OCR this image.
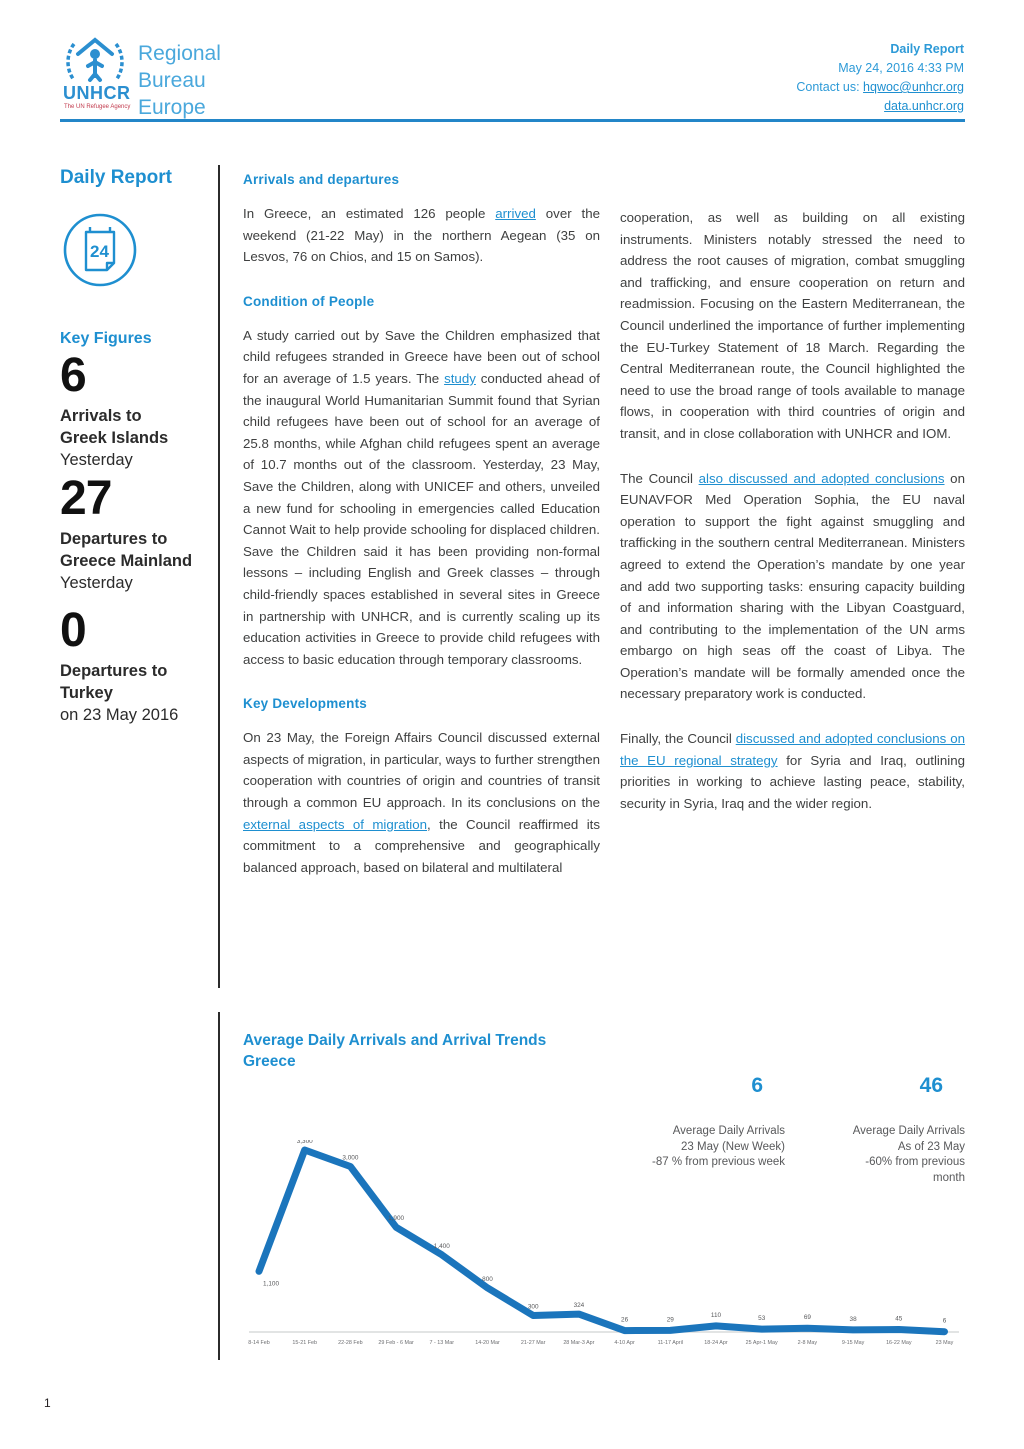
UNHCR
The UN Refugee Agency
Regional
Bureau
Europe
Daily Report
May 24, 2016 4:33 PM
Contact us: hqwoc@unhcr.org
data.unhcr.org
Daily Report
24
Key Figures
6
Arrivals to
Greek Islands
Yesterday
27
Departures to
Greece Mainland
Yesterday
0
Departures to
Turkey
on 23 May 2016
Arrivals and departures

In Greece, an estimated 126 people arrived over the weekend (21-22 May) in the northern Aegean (35 on Lesvos, 76 on Chios, and 15 on Samos).

Condition of People

A study carried out by Save the Children emphasized that child refugees stranded in Greece have been out of school for an average of 1.5 years. The study conducted ahead of the inaugural World Humanitarian Summit found that Syrian child refugees have been out of school for an average of 25.8 months, while Afghan child refugees spent an average of 10.7 months out of the classroom. Yesterday, 23 May, Save the Children, along with UNICEF and others, unveiled a new fund for schooling in emergencies called Education Cannot Wait to help provide schooling for displaced children. Save the Children said it has been providing non-formal lessons – including English and Greek classes – through child-friendly spaces established in several sites in Greece in partnership with UNHCR, and is currently scaling up its education activities in Greece to provide child refugees with access to basic education through temporary classrooms.

Key Developments

On 23 May, the Foreign Affairs Council discussed external aspects of migration, in particular, ways to further strengthen cooperation with countries of origin and countries of transit through a common EU approach. In its conclusions on the external aspects of migration, the Council reaffirmed its commitment to a comprehensive and geographically balanced approach, based on bilateral and multilateral

cooperation, as well as building on all existing instruments. Ministers notably stressed the need to address the root causes of migration, combat smuggling and trafficking, and ensure cooperation on return and readmission. Focusing on the Eastern Mediterranean, the Council underlined the importance of further implementing the EU-Turkey Statement of 18 March. Regarding the Central Mediterranean route, the Council highlighted the need to use the broad range of tools available to manage flows, in cooperation with third countries of origin and transit, and in close collaboration with UNHCR and IOM.

The Council also discussed and adopted conclusions on EUNAVFOR Med Operation Sophia, the EU naval operation to support the fight against smuggling and trafficking in the southern central Mediterranean. Ministers agreed to extend the Operation’s mandate by one year and add two supporting tasks: ensuring capacity building of and information sharing with the Libyan Coastguard, and contributing to the implementation of the UN arms embargo on high seas off the coast of Libya. The Operation’s mandate will be formally amended once the necessary preparatory work is conducted.

Finally, the Council discussed and adopted conclusions on the EU regional strategy for Syria and Iraq, outlining priorities in working to achieve lasting peace, stability, security in Syria, Iraq and the wider region.

Average Daily Arrivals and Arrival Trends
Greece
6
Average Daily Arrivals
23 May (New Week)
-87 % from previous week
46
Average Daily Arrivals
As of 23 May
-60% from previous
month
1,100
3,300
3,000
1,900
1,400
800
300	324
26	29
110	53	69	38	45	6
8-14 Feb	15-21 Feb	22-28 Feb	29 Feb - 6 Mar	7 - 13 Mar	14-20 Mar	21-27 Mar	28 Mar-3 Apr	4-10 Apr	11-17 April	18-24 Apr	25 Apr-1 May	2-8 May	9-15 May	16-22 May	23 May
1
